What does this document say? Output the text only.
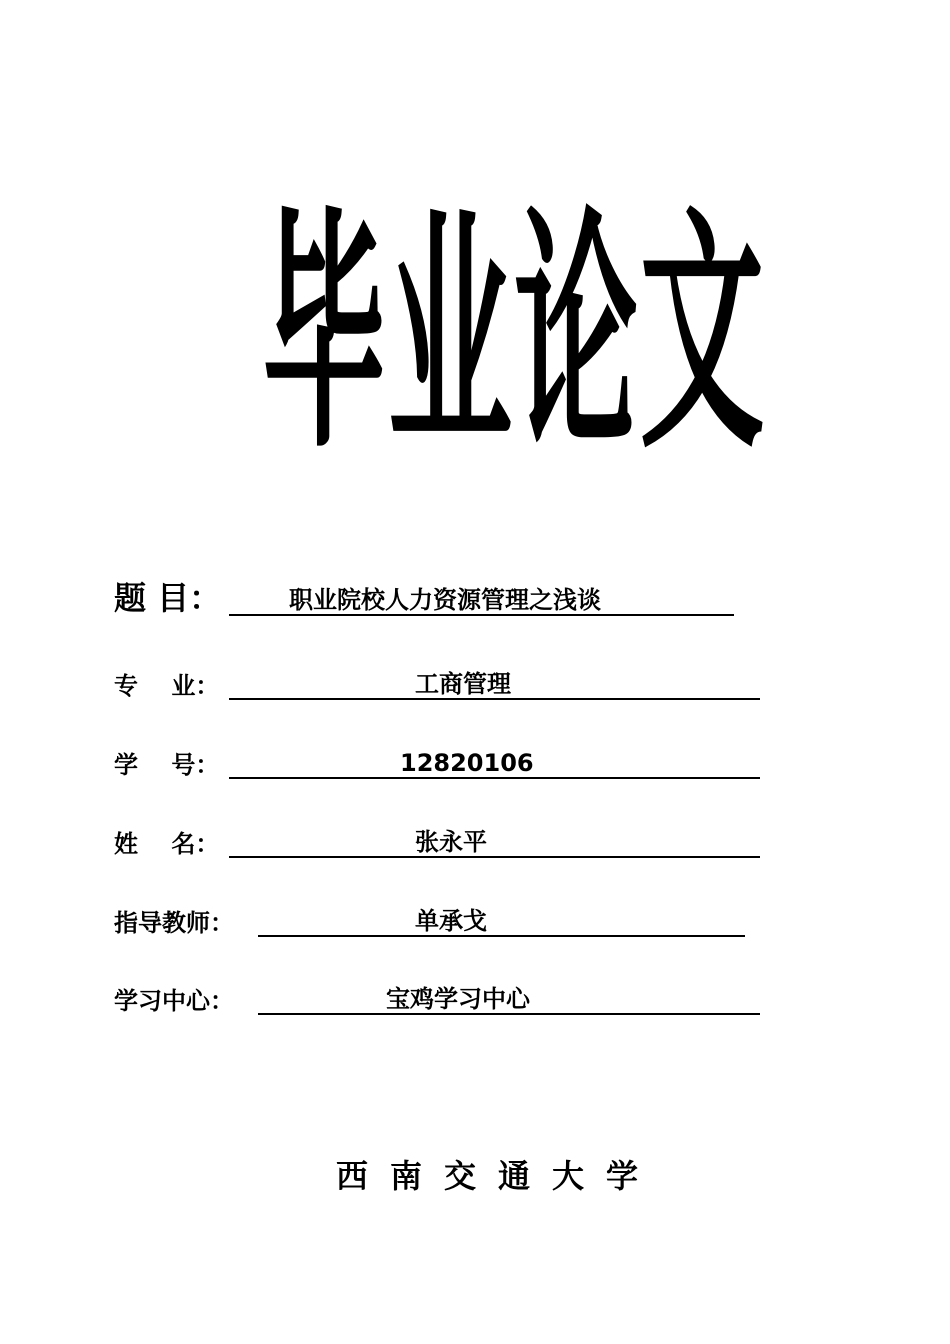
毕业论文
题 目：	职业院校人力资源管理之浅谈
专    业：	工商管理
学    号：	12820106
姓    名：	张永平
指导教师：	单承戈
学习中心：	宝鸡学习中心
西南交通大学
